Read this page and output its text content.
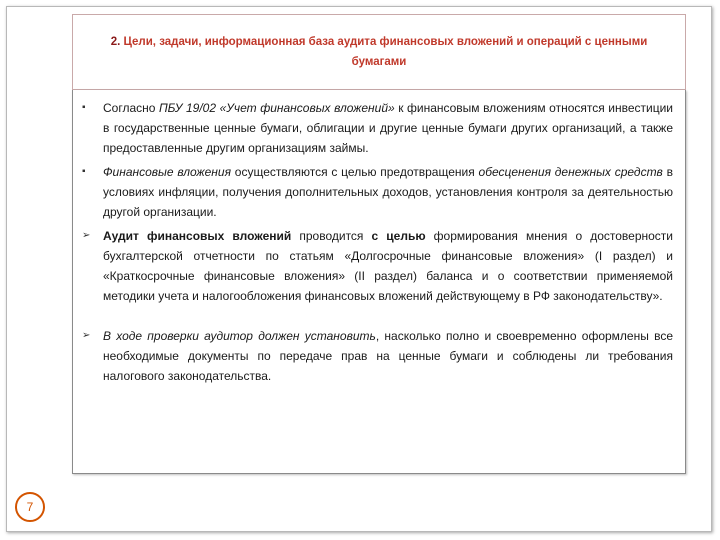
2. Цели, задачи, информационная база аудита финансовых вложений и операций с ценными бумагами
▪ Согласно ПБУ 19/02 «Учет финансовых вложений» к финансовым вложениям относятся инвестиции в государственные ценные бумаги, облигации и другие ценные бумаги других организаций, а также предоставленные другим организациям займы.
▪ Финансовые вложения осуществляются с целью предотвращения обесценения денежных средств в условиях инфляции, получения дополнительных доходов, установления контроля за деятельностью другой организации.
➢ Аудит финансовых вложений проводится с целью формирования мнения о достоверности бухгалтерской отчетности по статьям «Долгосрочные финансовые вложения» (I раздел) и «Краткосрочные финансовые вложения» (II раздел) баланса и о соответствии применяемой методики учета и налогообложения финансовых вложений действующему в РФ законодательству».
➢ В ходе проверки аудитор должен установить, насколько полно и своевременно оформлены все необходимые документы по передаче прав на ценные бумаги и соблюдены ли требования налогового законодательства.
7
